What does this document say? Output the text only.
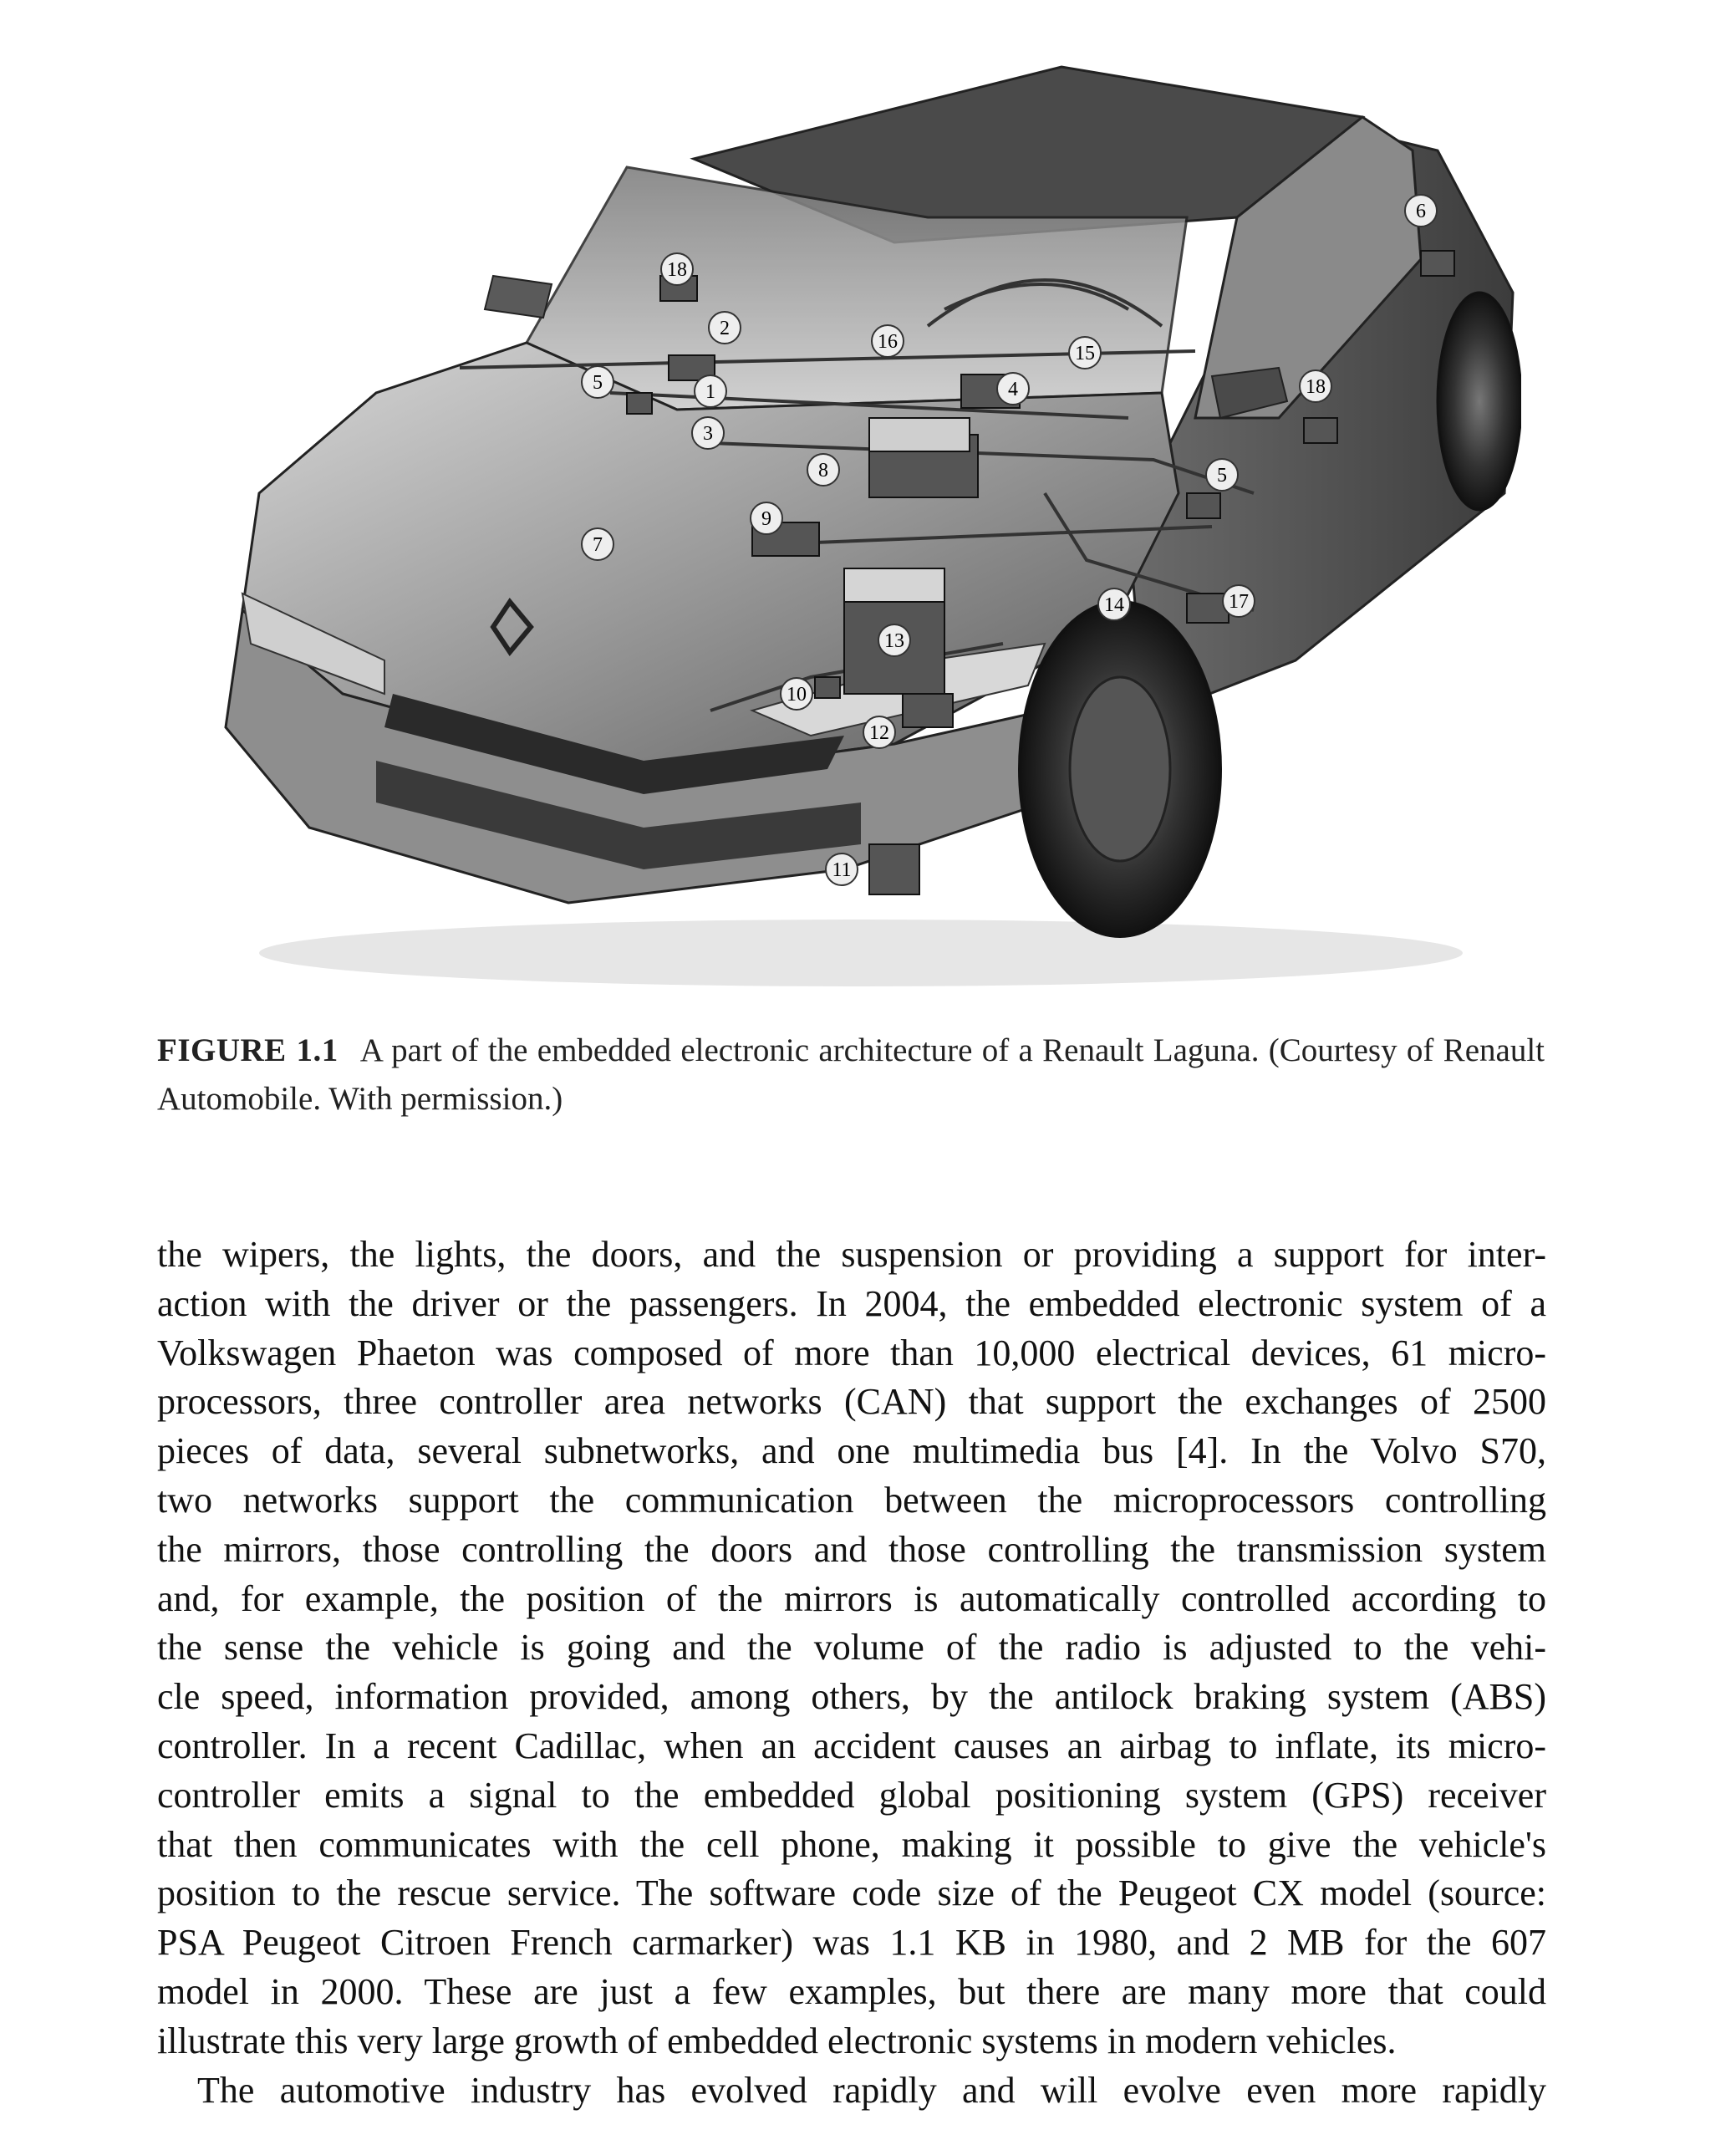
18
2
16
15
6
5	1	4	18
3
8	5
9
7
14	17
13
10
12
11
FIGURE 1.1 A part of the embedded electronic architecture of a Renault Laguna. (Courtesy of Renault Automobile. With permission.)
the wipers, the lights, the doors, and the suspension or providing a support for inter-
action with the driver or the passengers. In 2004, the embedded electronic system of a
Volkswagen Phaeton was composed of more than 10,000 electrical devices, 61 micro-
processors, three controller area networks (CAN) that support the exchanges of 2500
pieces of data, several subnetworks, and one multimedia bus [4]. In the Volvo S70,
two networks support the communication between the microprocessors controlling
the mirrors, those controlling the doors and those controlling the transmission system
and, for example, the position of the mirrors is automatically controlled according to
the sense the vehicle is going and the volume of the radio is adjusted to the vehi-
cle speed, information provided, among others, by the antilock braking system (ABS)
controller. In a recent Cadillac, when an accident causes an airbag to inflate, its micro-
controller emits a signal to the embedded global positioning system (GPS) receiver
that then communicates with the cell phone, making it possible to give the vehicle's
position to the rescue service. The software code size of the Peugeot CX model (source:
PSA Peugeot Citroen French carmarker) was 1.1 KB in 1980, and 2 MB for the 607
model in 2000. These are just a few examples, but there are many more that could
illustrate this very large growth of embedded electronic systems in modern vehicles.
The automotive industry has evolved rapidly and will evolve even more rapidly
